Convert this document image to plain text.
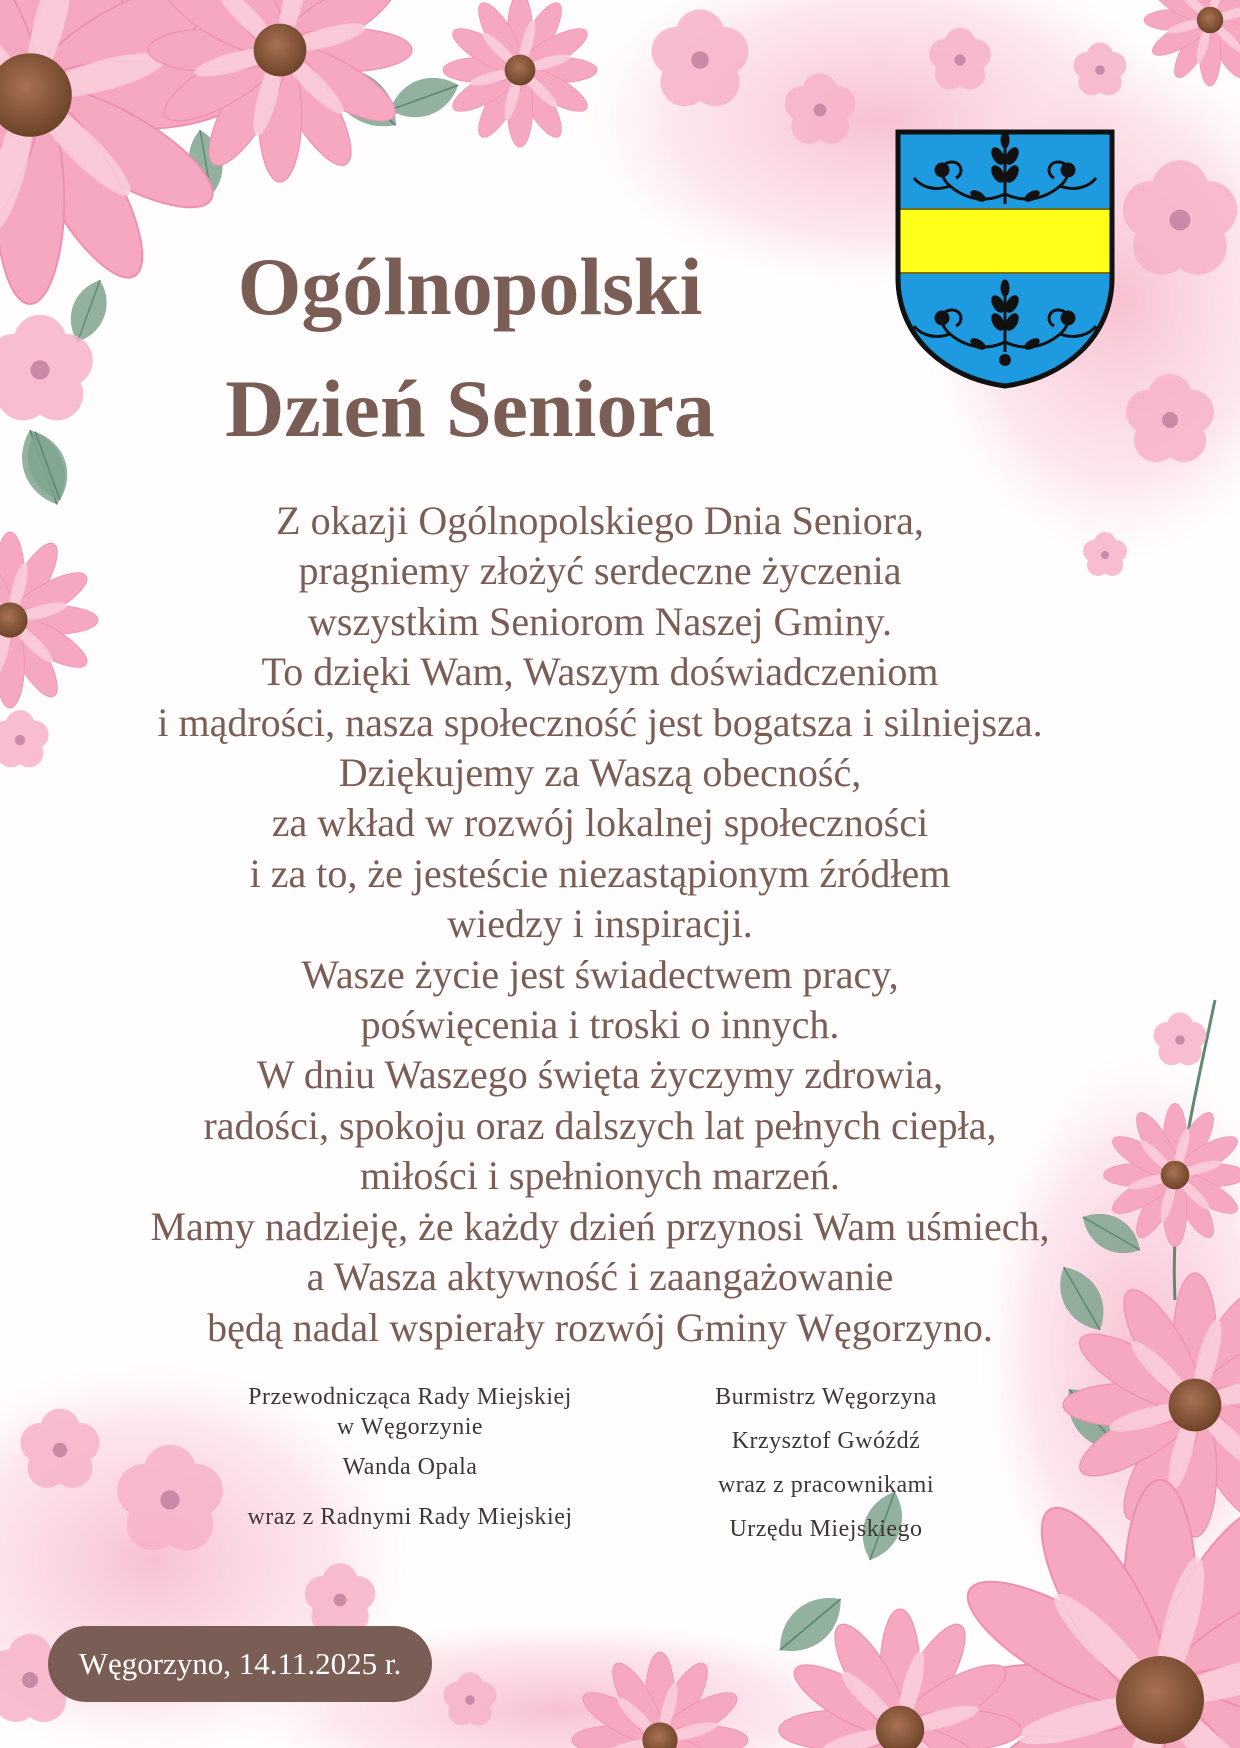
Ogólnopolski
Dzień Seniora
Z okazji Ogólnopolskiego Dnia Seniora,
pragniemy złożyć serdeczne życzenia
wszystkim Seniorom Naszej Gminy.
To dzięki Wam, Waszym doświadczeniom
i mądrości, nasza społeczność jest bogatsza i silniejsza.
Dziękujemy za Waszą obecność,
za wkład w rozwój lokalnej społeczności
i za to, że jesteście niezastąpionym źródłem
wiedzy i inspiracji.
Wasze życie jest świadectwem pracy,
poświęcenia i troski o innych.
W dniu Waszego święta życzymy zdrowia,
radości, spokoju oraz dalszych lat pełnych ciepła,
miłości i spełnionych marzeń.
Mamy nadzieję, że każdy dzień przynosi Wam uśmiech,
a Wasza aktywność i zaangażowanie
będą nadal wspierały rozwój Gminy Węgorzyno.
Przewodnicząca Rady Miejskiej
w Węgorzynie
Wanda Opala
wraz z Radnymi Rady Miejskiej
Burmistrz Węgorzyna
Krzysztof Gwóźdź
wraz z pracownikami
Urzędu Miejskiego
Węgorzyno, 14.11.2025 r.
